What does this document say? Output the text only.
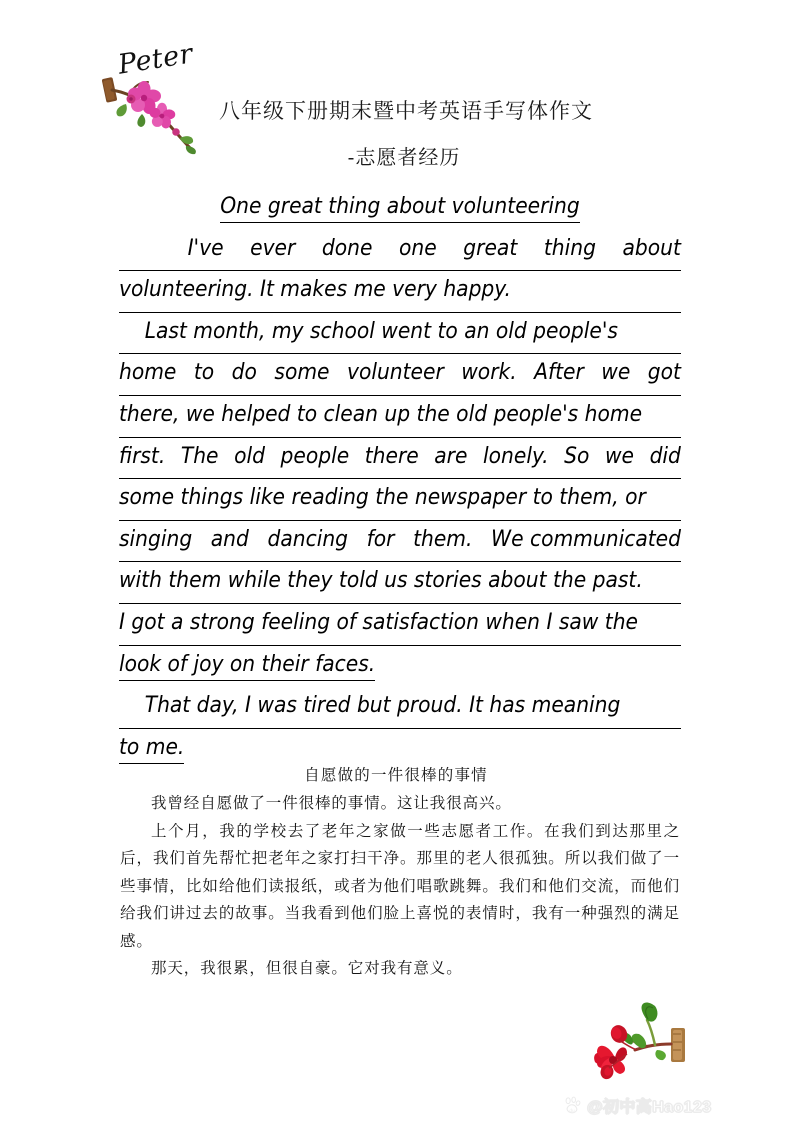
Peter
八年级下册期末暨中考英语手写体作文
-志愿者经历
One great thing about volunteering

I've ever done one great thing about
volunteering. It makes me very happy.
Last month, my school went to an old people's
home to do some volunteer work. After we got
there, we helped to clean up the old people's home
first. The old people there are lonely. So we did
some things like reading the newspaper to them, or
singing and dancing for them. We communicated
with them while they told us stories about the past.
I got a strong feeling of satisfaction when I saw the
look of joy on their faces.
That day, I was tired but proud. It has meaning
to me.
自愿做的一件很棒的事情
我曾经自愿做了一件很棒的事情。这让我很高兴。
上个月，我的学校去了老年之家做一些志愿者工作。在我们到达那里之后，我们首先帮忙把老年之家打扫干净。那里的老人很孤独。所以我们做了一些事情，比如给他们读报纸，或者为他们唱歌跳舞。我们和他们交流，而他们给我们讲过去的故事。当我看到他们脸上喜悦的表情时，我有一种强烈的满足感。
那天，我很累，但很自豪。它对我有意义。
du @初中高Hao123
